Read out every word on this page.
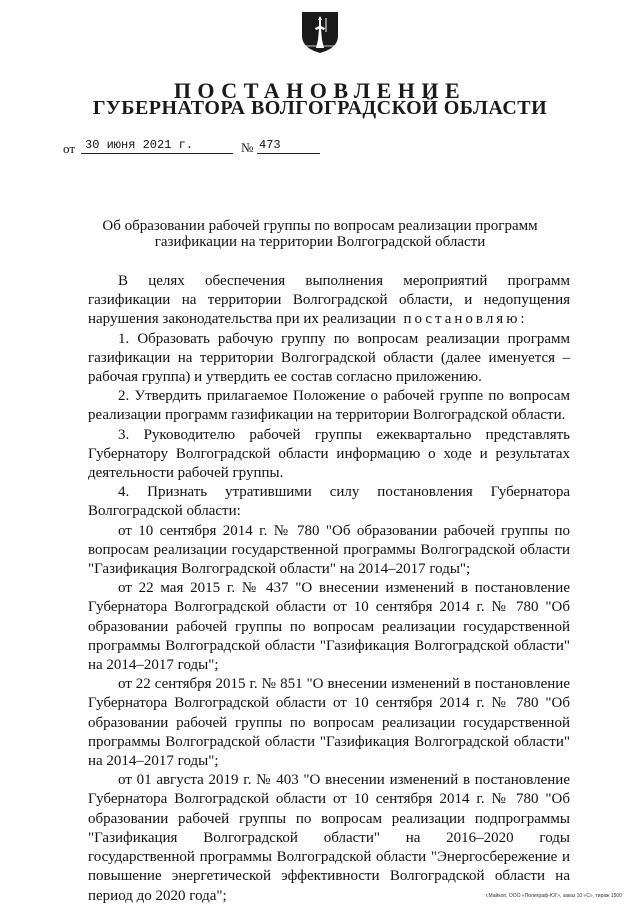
ПОСТАНОВЛЕНИЕ
ГУБЕРНАТОРА ВОЛГОГРАДСКОЙ ОБЛАСТИ
от 30 июня 2021 г.	№ 473
Об образовании рабочей группы по вопросам реализации программ
газификации на территории Волгоградской области

В целях обеспечения выполнения мероприятий программ газификации на территории Волгоградской области, и недопущения нарушения законодательства при их реализации постановляю:

1. Образовать рабочую группу по вопросам реализации программ газификации на территории Волгоградской области (далее именуется – рабочая группа) и утвердить ее состав согласно приложению.

2. Утвердить прилагаемое Положение о рабочей группе по вопросам реализации программ газификации на территории Волгоградской области.

3. Руководителю рабочей группы ежеквартально представлять Губернатору Волгоградской области информацию о ходе и результатах деятельности рабочей группы.

4. Признать утратившими силу постановления Губернатора Волгоградской области:

от 10 сентября 2014 г. № 780 "Об образовании рабочей группы по вопросам реализации государственной программы Волгоградской области "Газификация Волгоградской области" на 2014–2017 годы";

от 22 мая 2015 г. № 437 "О внесении изменений в постановление Губернатора Волгоградской области от 10 сентября 2014 г. № 780 "Об образовании рабочей группы по вопросам реализации государственной программы Волгоградской области "Газификация Волгоградской области" на 2014–2017 годы";

от 22 сентября 2015 г. № 851 "О внесении изменений в постановление Губернатора Волгоградской области от 10 сентября 2014 г. № 780 "Об образовании рабочей группы по вопросам реализации государственной программы Волгоградской области "Газификация Волгоградской области" на 2014–2017 годы";

от 01 августа 2019 г. № 403 "О внесении изменений в постановление Губернатора Волгоградской области от 10 сентября 2014 г. № 780 "Об образовании рабочей группы по вопросам реализации подпрограммы "Газификация Волгоградской области" на 2016–2020 годы государственной программы Волгоградской области "Энергосбережение и повышение энергетической эффективности Волгоградской области на период до 2020 года";	г.Майкоп, ООО «Полиграф-ЮГ», заказ 10 «С», тираж 1500
